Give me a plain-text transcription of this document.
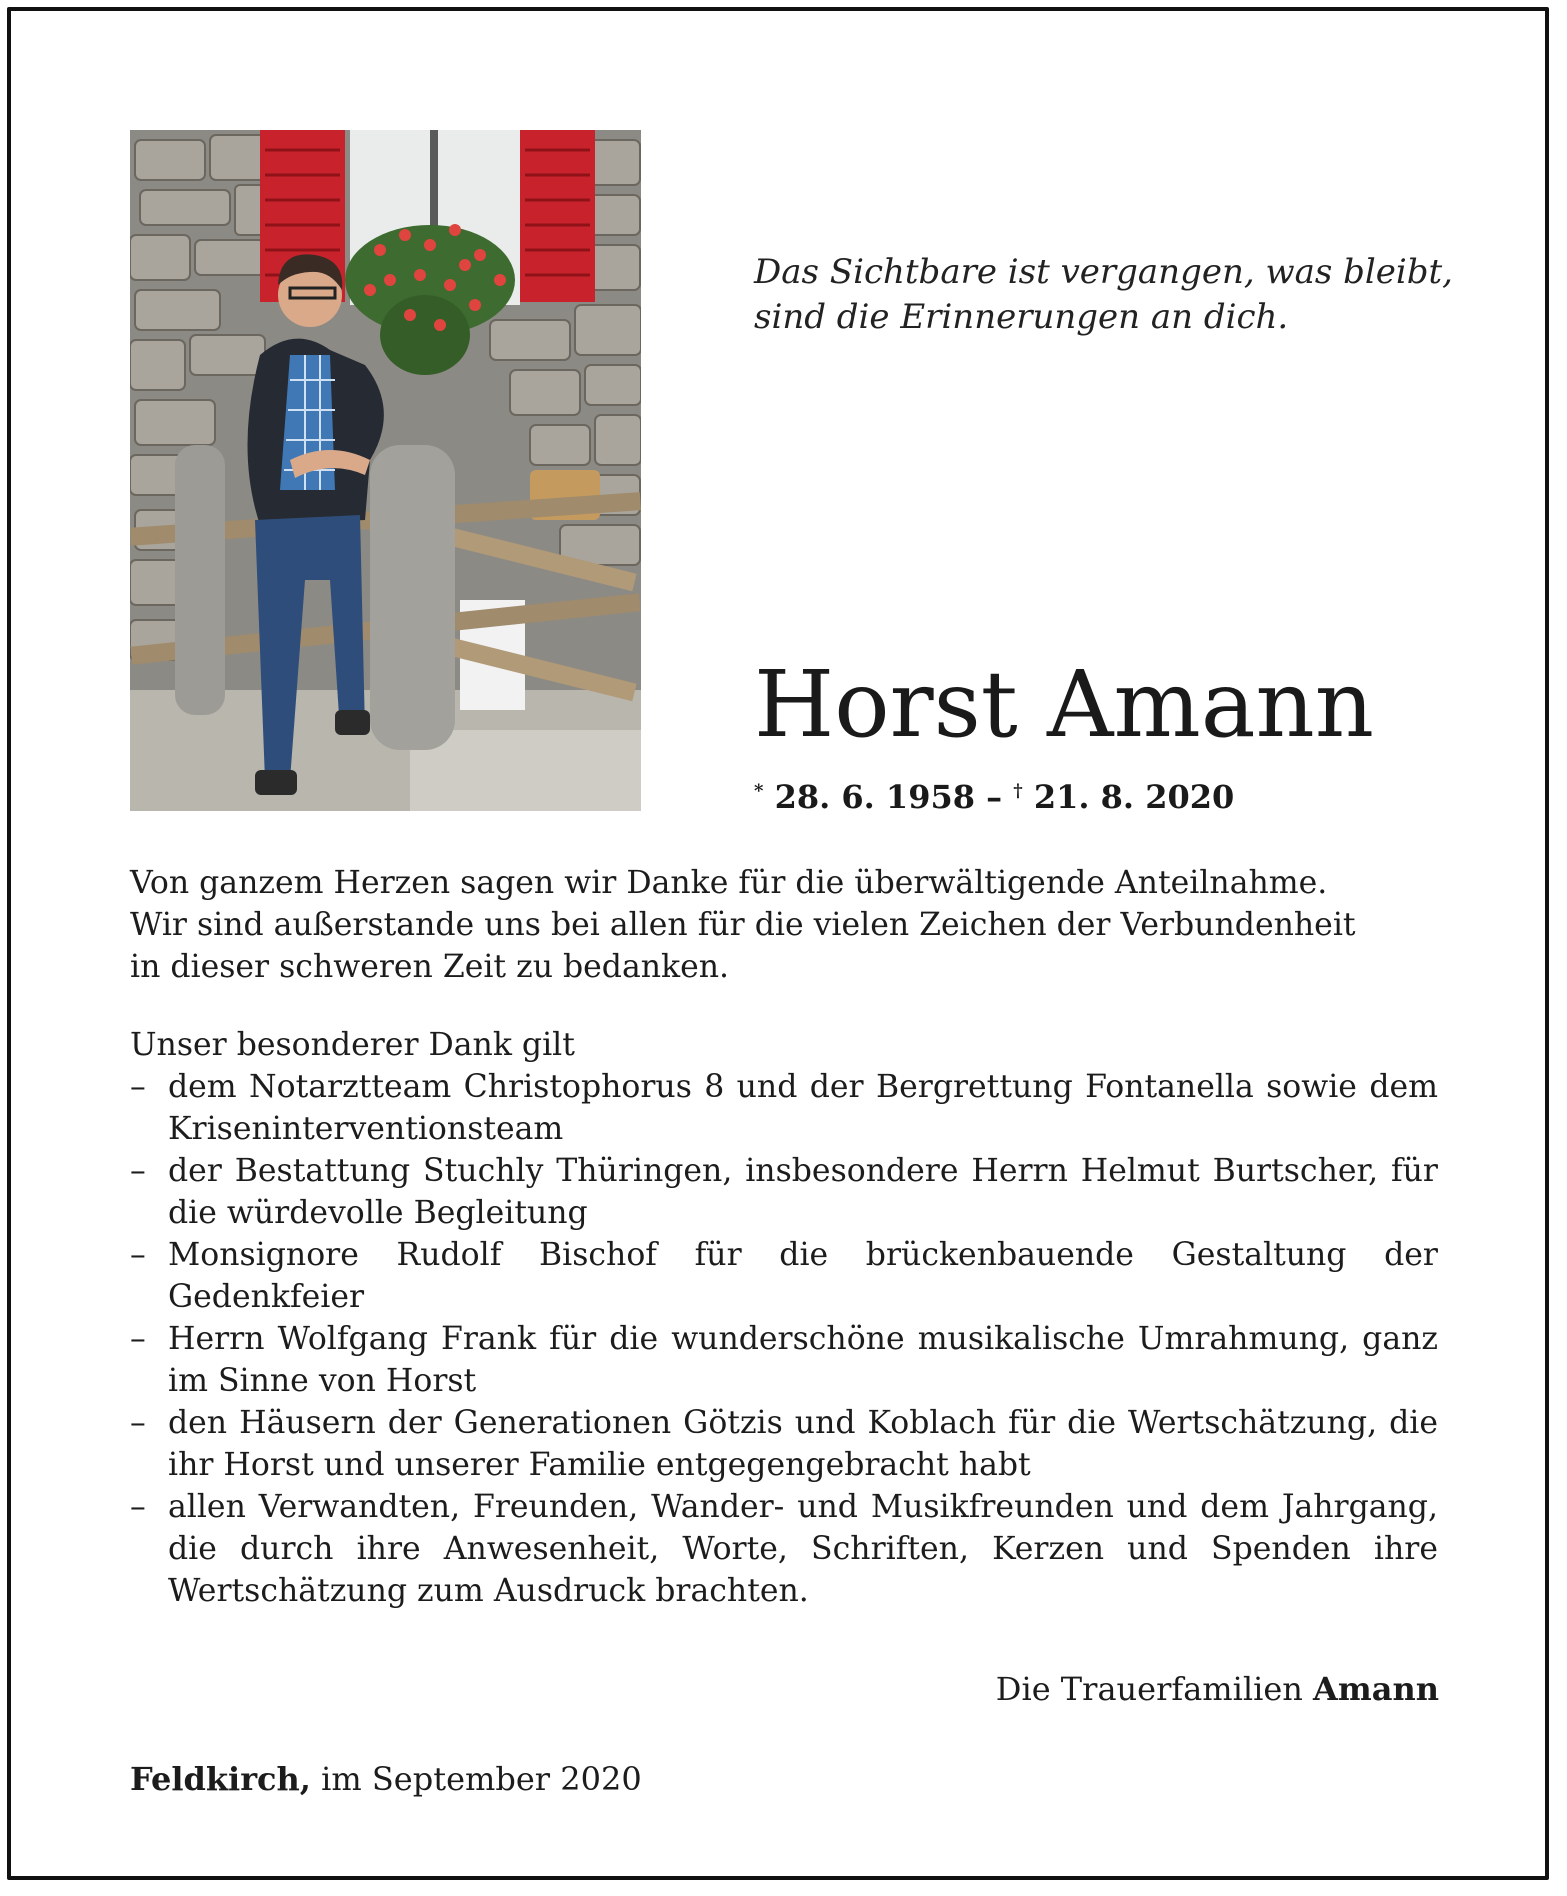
Das Sichtbare ist vergangen, was bleibt,
sind die Erinnerungen an dich.
Horst Amann
* 28. 6. 1958 – † 21. 8. 2020
Von ganzem Herzen sagen wir Danke für die überwältigende Anteilnahme.
Wir sind außerstande uns bei allen für die vielen Zeichen der Verbundenheit
in dieser schweren Zeit zu bedanken.
Unser besonderer Dank gilt
– dem Notarztteam Christophorus 8 und der Bergrettung Fontanella sowie dem Kriseninterventionsteam
– der Bestattung Stuchly Thüringen, insbesondere Herrn Helmut Burtscher, für die würdevolle Begleitung
– Monsignore Rudolf Bischof für die brückenbauende Gestaltung der Gedenkfeier
– Herrn Wolfgang Frank für die wunderschöne musikalische Umrahmung, ganz im Sinne von Horst
– den Häusern der Generationen Götzis und Koblach für die Wertschätzung, die ihr Horst und unserer Familie entgegengebracht habt
– allen Verwandten, Freunden, Wander- und Musikfreunden und dem Jahrgang, die durch ihre Anwesenheit, Worte, Schriften, Kerzen und Spenden ihre Wertschätzung zum Ausdruck brachten.
Die Trauerfamilien Amann
Feldkirch, im September 2020
